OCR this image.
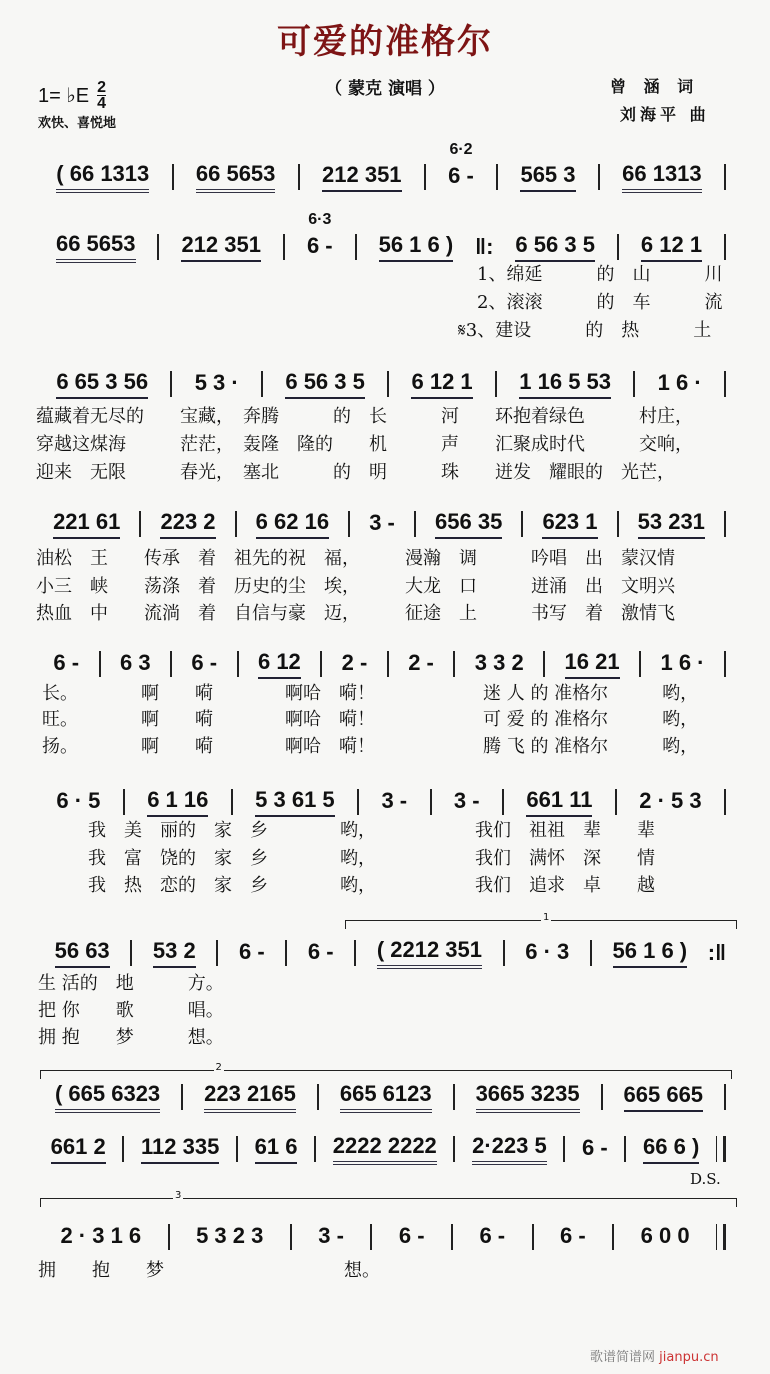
可爱的准格尔
1= ♭E $\frac{2}{4}$
欢快、喜悦地
（ 蒙克 演唱 ）	曾 涵 词
刘海平 曲
( 66 1313	66 5653	212 351	6 -
6·2
565 3	66 1313
66 5653	212 351	6 -
6·3
56 1 6 ) ‖: 6 56 3 5	6 12 1
6 65 3 56	5 3 ·	6 56 3 5	6 12 1	1 16 5 53	1 6 ·
221 61	223 2	6 62 16	3 -	656 35	623 1	53 231
6 -	6 3	6 -	6 12	2 -	2 -	3 3 2	16 21	1 6 ·
6 · 5	6 1 16	5 3 61 5	3 -	3 -	661 11	2 · 5 3
56 63	53 2	6 -	6 -	( 2212 351	6 · 3	56 1 6 ) :‖
( 665 6323	223 2165	665 6123	3665 3235	665 665
661 2	112 335	61 6	2222 2222	2·223 5	6 -	66 6 )
2 · 3 1 6	5 3 2 3	3 -	6 -	6 -	6 -	6 0 0
1、绵延　　　的　山　　　川
2、滚滚　　　的　车　　　流
𝄋3、建设　　　的　热　　　土
蕴藏着无尽的　　宝藏，　奔腾　　　的　长　　　河　　环抱着绿色　　　村庄，
穿越这煤海　　　茫茫，　轰隆　隆的　　机　　　声　　汇聚成时代　　　交响，
迎来　无限　　　春光，　塞北　　　的　明　　　珠　　迸发　耀眼的　光芒，
油松　王　　传承　着　祖先的祝　福，　　　漫瀚　调　　　吟唱　出　蒙汉情
小三　峡　　荡涤　着　历史的尘　埃，　　　大龙　口　　　迸涌　出　文明兴
热血　中　　流淌　着　自信与豪　迈，　　　征途　上　　　书写　着　激情飞
长。　　　　啊　　嗬　　　　啊哈　嗬！　　　　　　迷 人 的 准格尔　　　哟，
旺。　　　　啊　　嗬　　　　啊哈　嗬！　　　　　　可 爱 的 准格尔　　　哟，
扬。　　　　啊　　嗬　　　　啊哈　嗬！　　　　　　腾 飞 的 准格尔　　　哟，
我　美　丽的　家　乡　　　　哟，　　　　　　我们　祖祖　辈　　辈
我　富　饶的　家　乡　　　　哟，　　　　　　我们　满怀　深　　情
我　热　恋的　家　乡　　　　哟，　　　　　　我们　追求　卓　　越
生 活的　地　　　方。
把 你　　歌　　　唱。
拥 抱　　梦　　　想。
拥　　抱　　梦　　　　　　　　　　想。
1
2
3
D.S.
歌谱简谱网 jianpu.cn
